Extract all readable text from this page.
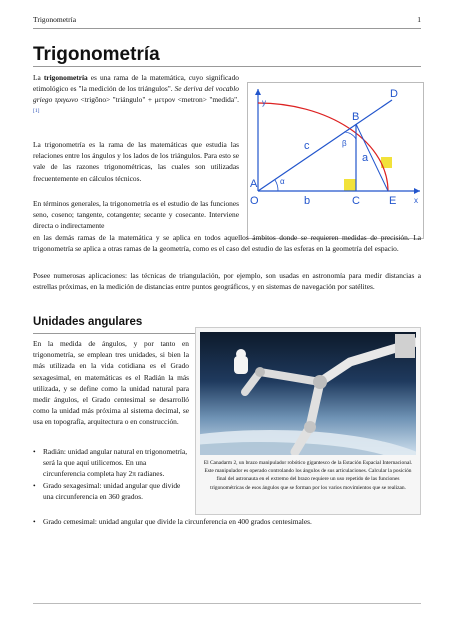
Trigonometría	1
Trigonometría
y
x
A
O
B
C
D
E
a
b
c
α
β
La trigonometría es una rama de la matemática, cuyo significado etimológico es "la medición de los triángulos". Se deriva del vocablo griego τριγωνο <trigōno> "triángulo" + μετρον <metron> "medida".[1]

La trigonometría es la rama de las matemáticas que estudia las relaciones entre los ángulos y los lados de los triángulos. Para esto se vale de las razones trigonométricas, las cuales son utilizadas frecuentemente en cálculos técnicos.

En términos generales, la trigonometría es el estudio de las funciones seno, coseno; tangente, cotangente; secante y cosecante. Interviene directa o indirectamente

en las demás ramas de la matemática y se aplica en todos aquellos ámbitos donde se requieren medidas de precisión. La trigonometría se aplica a otras ramas de la geometría, como es el caso del estudio de las esferas en la geometría del espacio.

Posee numerosas aplicaciones: las técnicas de triangulación, por ejemplo, son usadas en astronomía para medir distancias a estrellas próximas, en la medición de distancias entre puntos geográficos, y en sistemas de navegación por satélites.

Unidades angulares

El Canadarm 2, un brazo manipulador robótico gigantesco de la Estación Espacial Internacional. Este manipulador es operado controlando los ángulos de sus articulaciones. Calcular la posición final del astronauta en el extremo del brazo requiere un uso repetido de las funciones trigonométricas de esos ángulos que se forman por los varios movimientos que se realizan.

En la medida de ángulos, y por tanto en trigonometría, se emplean tres unidades, si bien la más utilizada en la vida cotidiana es el Grado sexagesimal, en matemáticas es el Radián la más utilizada, y se define como la unidad natural para medir ángulos, el Grado centesimal se desarrolló como la unidad más próxima al sistema decimal, se usa en topografía, arquitectura o en construcción.

• Radián: unidad angular natural en trigonometría, será la que aquí utilicemos. En una circunferencia completa hay 2π radianes.
• Grado sexagesimal: unidad angular que divide una circunferencia en 360 grados.
• Grado cemesimal: unidad angular que divide la circunferencia en 400 grados centesimales.
